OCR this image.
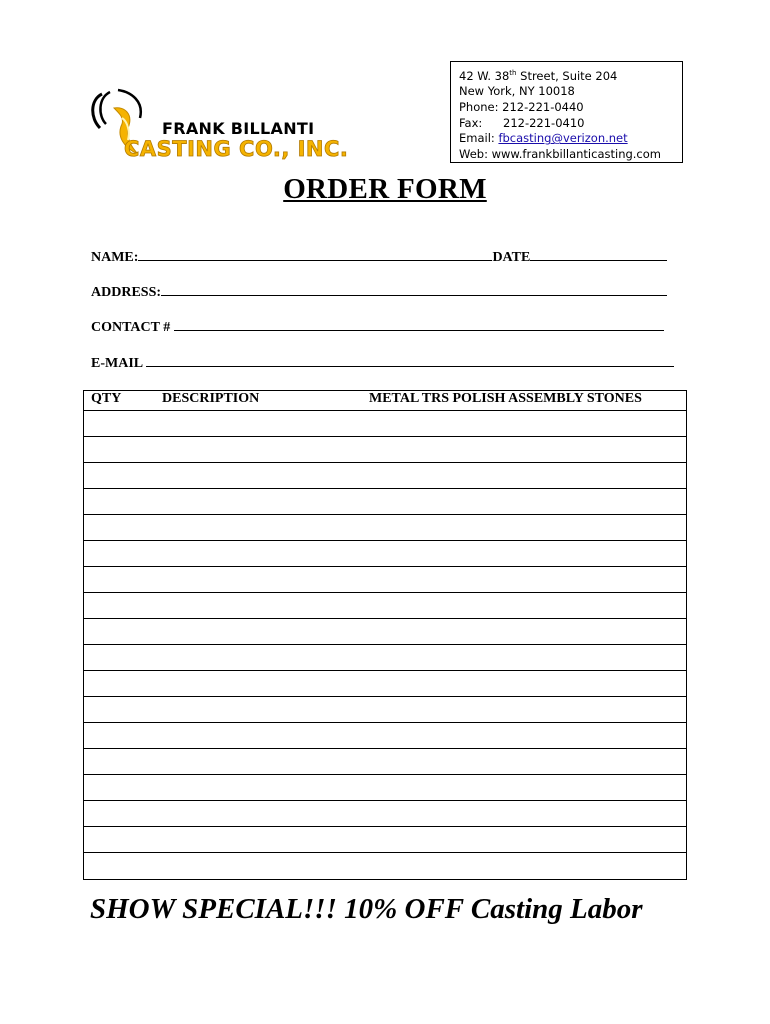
FRANK BILLANTI
CASTING CO., INC.
42 W. 38th Street, Suite 204
New York, NY 10018
Phone: 212-221-0440
Fax: 212-221-0410
Email: fbcasting@verizon.net
Web: www.frankbillanticasting.com
ORDER FORM
NAME:	DATE
ADDRESS:
CONTACT #
E-MAIL
QTY	DESCRIPTION	METAL TRS POLISH ASSEMBLY STONES
SHOW SPECIAL!!! 10% OFF Casting Labor
